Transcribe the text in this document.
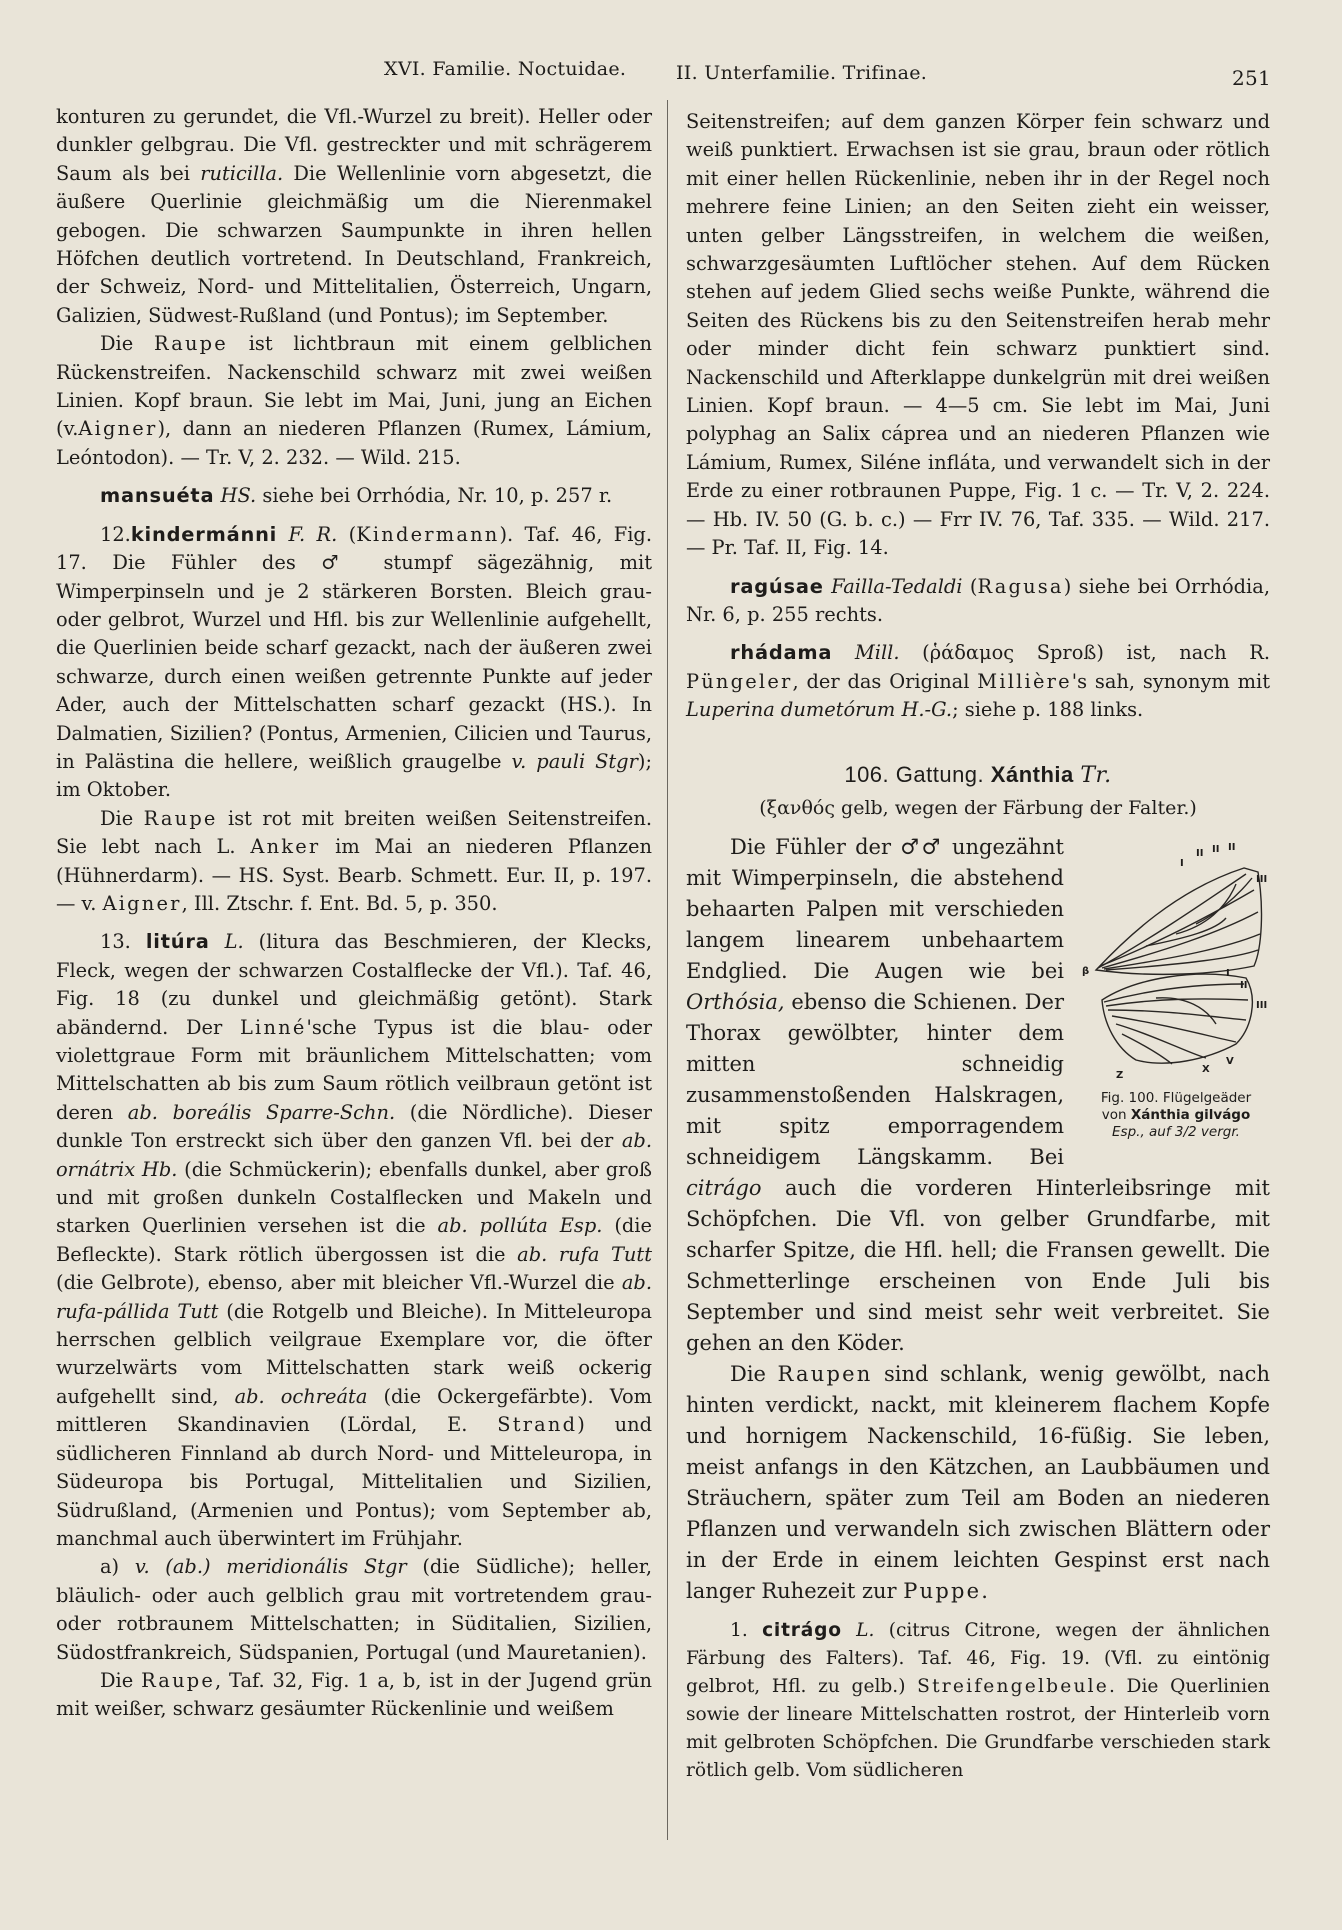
XVI. Familie. Noctuidae.	II. Unterfamilie. Trifinae.	251

konturen zu gerundet, die Vfl.-Wurzel zu breit). Heller oder dunkler gelbgrau. Die Vfl. gestreckter und mit schrägerem Saum als bei ruticilla. Die Wellenlinie vorn abgesetzt, die äußere Querlinie gleichmäßig um die Nierenmakel gebogen. Die schwarzen Saumpunkte in ihren hellen Höfchen deutlich vortretend. In Deutschland, Frankreich, der Schweiz, Nord- und Mittelitalien, Österreich, Ungarn, Galizien, Südwest-Rußland (und Pontus); im September.

Die Raupe ist lichtbraun mit einem gelblichen Rückenstreifen. Nackenschild schwarz mit zwei weißen Linien. Kopf braun. Sie lebt im Mai, Juni, jung an Eichen (v.Aigner), dann an niederen Pflanzen (Rumex, Lámium, Leóntodon). — Tr. V, 2. 232. — Wild. 215.

mansuéta HS. siehe bei Orrhódia, Nr. 10, p. 257 r.

12.kindermánni F. R. (Kindermann). Taf. 46, Fig. 17. Die Fühler des ♂ stumpf sägezähnig, mit Wimperpinseln und je 2 stärkeren Borsten. Bleich grau- oder gelbrot, Wurzel und Hfl. bis zur Wellenlinie aufgehellt, die Querlinien beide scharf gezackt, nach der äußeren zwei schwarze, durch einen weißen getrennte Punkte auf jeder Ader, auch der Mittelschatten scharf gezackt (HS.). In Dalmatien, Sizilien? (Pontus, Armenien, Cilicien und Taurus, in Palästina die hellere, weißlich graugelbe v. pauli Stgr); im Oktober.

Die Raupe ist rot mit breiten weißen Seitenstreifen. Sie lebt nach L. Anker im Mai an niederen Pflanzen (Hühnerdarm). — HS. Syst. Bearb. Schmett. Eur. II, p. 197. — v. Aigner, Ill. Ztschr. f. Ent. Bd. 5, p. 350.

13. litúra L. (litura das Beschmieren, der Klecks, Fleck, wegen der schwarzen Costalflecke der Vfl.). Taf. 46, Fig. 18 (zu dunkel und gleichmäßig getönt). Stark abändernd. Der Linné'sche Typus ist die blau- oder violettgraue Form mit bräunlichem Mittelschatten; vom Mittelschatten ab bis zum Saum rötlich veilbraun getönt ist deren ab. boreális Sparre-Schn. (die Nördliche). Dieser dunkle Ton erstreckt sich über den ganzen Vfl. bei der ab. ornátrix Hb. (die Schmückerin); ebenfalls dunkel, aber groß und mit großen dunkeln Costalflecken und Makeln und starken Querlinien versehen ist die ab. pollúta Esp. (die Befleckte). Stark rötlich übergossen ist die ab. rufa Tutt (die Gelbrote), ebenso, aber mit bleicher Vfl.-Wurzel die ab. rufa-pállida Tutt (die Rotgelb und Bleiche). In Mitteleuropa herrschen gelblich veilgraue Exemplare vor, die öfter wurzelwärts vom Mittelschatten stark weiß ockerig aufgehellt sind, ab. ochreáta (die Ockergefärbte). Vom mittleren Skandinavien (Lördal, E. Strand) und südlicheren Finnland ab durch Nord- und Mitteleuropa, in Südeuropa bis Portugal, Mittelitalien und Sizilien, Südrußland, (Armenien und Pontus); vom September ab, manchmal auch überwintert im Frühjahr.

a) v. (ab.) meridionális Stgr (die Südliche); heller, bläulich- oder auch gelblich grau mit vortretendem grau- oder rotbraunem Mittelschatten; in Süditalien, Sizilien, Südostfrankreich, Südspanien, Portugal (und Mauretanien).

Die Raupe, Taf. 32, Fig. 1 a, b, ist in der Jugend grün mit weißer, schwarz gesäumter Rückenlinie und weißem

Seitenstreifen; auf dem ganzen Körper fein schwarz und weiß punktiert. Erwachsen ist sie grau, braun oder rötlich mit einer hellen Rückenlinie, neben ihr in der Regel noch mehrere feine Linien; an den Seiten zieht ein weisser, unten gelber Längsstreifen, in welchem die weißen, schwarzgesäumten Luftlöcher stehen. Auf dem Rücken stehen auf jedem Glied sechs weiße Punkte, während die Seiten des Rückens bis zu den Seitenstreifen herab mehr oder minder dicht fein schwarz punktiert sind. Nackenschild und Afterklappe dunkelgrün mit drei weißen Linien. Kopf braun. — 4—5 cm. Sie lebt im Mai, Juni polyphag an Salix cáprea und an niederen Pflanzen wie Lámium, Rumex, Siléne infláta, und verwandelt sich in der Erde zu einer rotbraunen Puppe, Fig. 1 c. — Tr. V, 2. 224. — Hb. IV. 50 (G. b. c.) — Frr IV. 76, Taf. 335. — Wild. 217. — Pr. Taf. II, Fig. 14.

ragúsae Failla-Tedaldi (Ragusa) siehe bei Orrhódia, Nr. 6, p. 255 rechts.

rhádama Mill. (ῥάδαμος Sproß) ist, nach R. Püngeler, der das Original Millière's sah, synonym mit Luperina dumetórum H.-G.; siehe p. 188 links.

106. Gattung. Xánthia Tr.
(ξανθός gelb, wegen der Färbung der Falter.)
I
II II II
III
β	I
II
III
V
X
Z
Fig. 100. Flügelgeäder
von Xánthia gilvágo
Esp., auf 3/2 vergr.

Die Fühler der ♂♂ ungezähnt mit Wimperpinseln, die abstehend behaarten Palpen mit verschieden langem linearem unbehaartem Endglied. Die Augen wie bei Orthósia, ebenso die Schienen. Der Thorax gewölbter, hinter dem mitten schneidig zusammenstoßenden Halskragen, mit spitz emporragendem schneidigem Längskamm. Bei citrágo auch die vorderen Hinterleibsringe mit Schöpfchen. Die Vfl. von gelber Grundfarbe, mit scharfer Spitze, die Hfl. hell; die Fransen gewellt. Die Schmetterlinge erscheinen von Ende Juli bis September und sind meist sehr weit verbreitet. Sie gehen an den Köder.

Die Raupen sind schlank, wenig gewölbt, nach hinten verdickt, nackt, mit kleinerem flachem Kopfe und hornigem Nackenschild, 16-füßig. Sie leben, meist anfangs in den Kätzchen, an Laubbäumen und Sträuchern, später zum Teil am Boden an niederen Pflanzen und verwandeln sich zwischen Blättern oder in der Erde in einem leichten Gespinst erst nach langer Ruhezeit zur Puppe.

1. citrágo L. (citrus Citrone, wegen der ähnlichen Färbung des Falters). Taf. 46, Fig. 19. (Vfl. zu eintönig gelbrot, Hfl. zu gelb.) Streifengelbeule. Die Querlinien sowie der lineare Mittelschatten rostrot, der Hinterleib vorn mit gelbroten Schöpfchen. Die Grundfarbe verschieden stark rötlich gelb. Vom südlicheren
